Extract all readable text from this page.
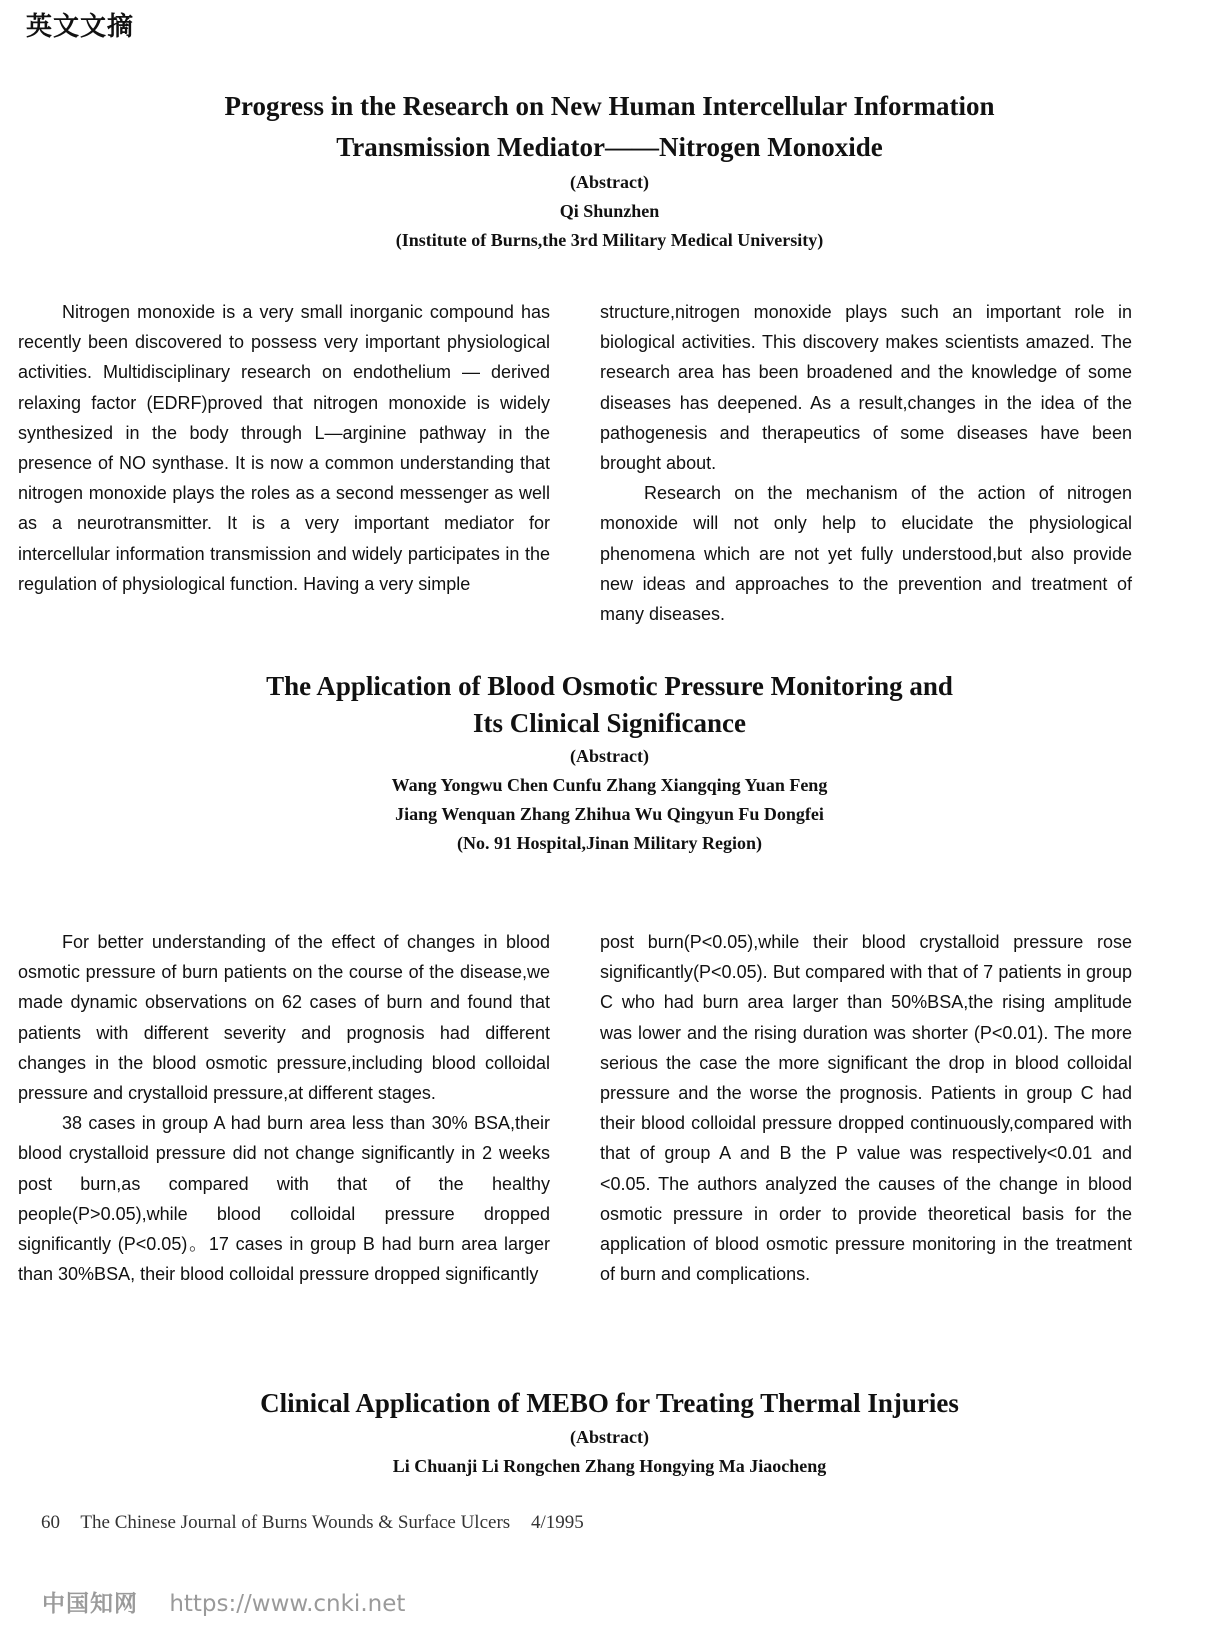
英文文摘
Progress in the Research on New Human Intercellular Information
Transmission Mediator——Nitrogen Monoxide

(Abstract)

Qi Shunzhen

(Institute of Burns,the 3rd Military Medical University)

Nitrogen monoxide is a very small inorganic compound has recently been discovered to possess very important physiological activities. Multidisciplinary research on endothelium — derived relaxing factor (EDRF)proved that nitrogen monoxide is widely synthesized in the body through L—arginine pathway in the presence of NO synthase. It is now a common understanding that nitrogen monoxide plays the roles as a second messenger as well as a neurotransmitter. It is a very important mediator for intercellular information transmission and widely participates in the regulation of physiological function. Having a very simple

structure,nitrogen monoxide plays such an important role in biological activities. This discovery makes scientists amazed. The research area has been broadened and the knowledge of some diseases has deepened. As a result,changes in the idea of the pathogenesis and therapeutics of some diseases have been brought about.

Research on the mechanism of the action of nitrogen monoxide will not only help to elucidate the physiological phenomena which are not yet fully understood,but also provide new ideas and approaches to the prevention and treatment of many diseases.

The Application of Blood Osmotic Pressure Monitoring and
Its Clinical Significance

(Abstract)

Wang Yongwu Chen Cunfu Zhang Xiangqing Yuan Feng

Jiang Wenquan Zhang Zhihua Wu Qingyun Fu Dongfei

(No. 91 Hospital,Jinan Military Region)

For better understanding of the effect of changes in blood osmotic pressure of burn patients on the course of the disease,we made dynamic observations on 62 cases of burn and found that patients with different severity and prognosis had different changes in the blood osmotic pressure,including blood colloidal pressure and crystalloid pressure,at different stages.

38 cases in group A had burn area less than 30% BSA,their blood crystalloid pressure did not change significantly in 2 weeks post burn,as compared with that of the healthy people(P>0.05),while blood colloidal pressure dropped significantly (P<0.05)。17 cases in group B had burn area larger than 30%BSA, their blood colloidal pressure dropped significantly

post burn(P<0.05),while their blood crystalloid pressure rose significantly(P<0.05). But compared with that of 7 patients in group C who had burn area larger than 50%BSA,the rising amplitude was lower and the rising duration was shorter (P<0.01). The more serious the case the more significant the drop in blood colloidal pressure and the worse the prognosis. Patients in group C had their blood colloidal pressure dropped continuously,compared with that of group A and B the P value was respectively<0.01 and <0.05. The authors analyzed the causes of the change in blood osmotic pressure in order to provide theoretical basis for the application of blood osmotic pressure monitoring in the treatment of burn and complications.

Clinical Application of MEBO for Treating Thermal Injuries

(Abstract)

Li Chuanji Li Rongchen Zhang Hongying Ma Jiaocheng

60 The Chinese Journal of Burns Wounds & Surface Ulcers 4/1995
中国知网 https://www.cnki.net
